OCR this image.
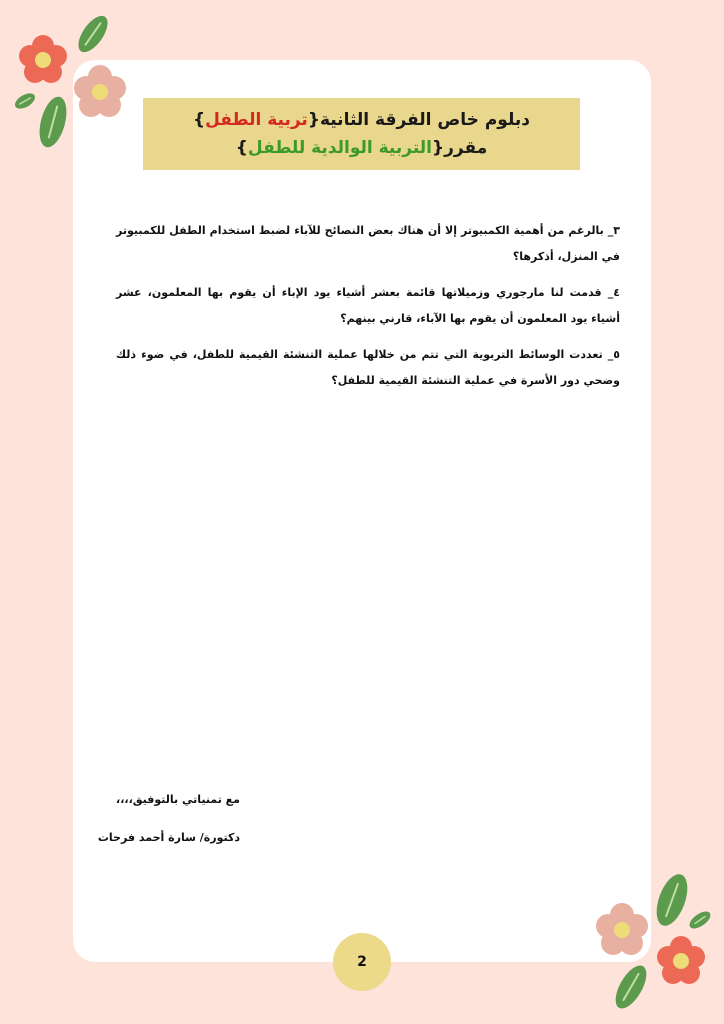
دبلوم خاص الفرقة الثانية{تربية الطفل}
مقرر{التربية الوالدية للطفل}

٣_ بالرغم من أهمية الكمبيوتر إلا أن هناك بعض النصائح للآباء لضبط استخدام الطفل للكمبيوتر في المنزل، أذكرها؟

٤_ قدمت لنا مارجوري وزميلاتها قائمة بعشر أشياء يود الإباء أن يقوم بها المعلمون، عشر أشياء يود المعلمون أن يقوم بها الآباء، قارني بينهم؟

٥_ تعددت الوسائط التربوية التي تتم من خلالها عملية التنشئة القيمية للطفل، في ضوء ذلك وضحي دور الأسرة في عملية التنشئة القيمية للطفل؟

مع تمنياتي بالتوفيق،،،،
دكتورة/ سارة أحمد فرحات
2
